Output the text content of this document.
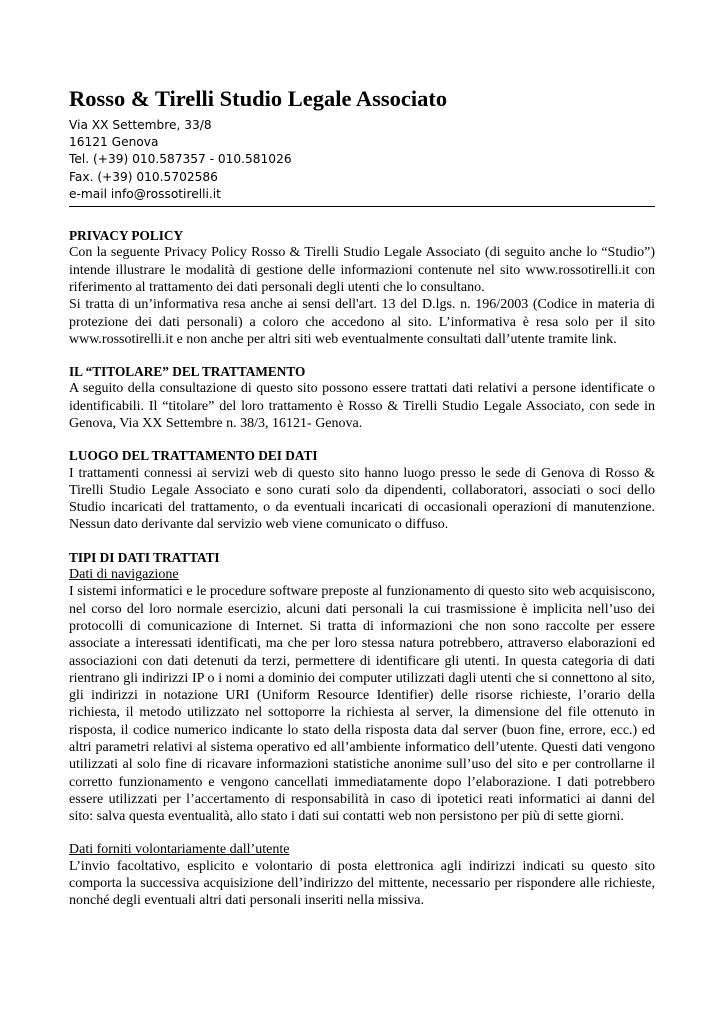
Rosso & Tirelli Studio Legale Associato
Via XX Settembre, 33/8
16121 Genova
Tel. (+39) 010.587357 - 010.581026
Fax. (+39) 010.5702586
e-mail info@rossotirelli.it
PRIVACY POLICY
Con la seguente Privacy Policy Rosso & Tirelli Studio Legale Associato (di seguito anche lo “Studio”) intende illustrare le modalità di gestione delle informazioni contenute nel sito www.rossotirelli.it con riferimento al trattamento dei dati personali degli utenti che lo consultano.
Si tratta di un’informativa resa anche ai sensi dell'art. 13 del D.lgs. n. 196/2003 (Codice in materia di protezione dei dati personali) a coloro che accedono al sito. L’informativa è resa solo per il sito www.rossotirelli.it e non anche per altri siti web eventualmente consultati dall’utente tramite link.
IL “TITOLARE” DEL TRATTAMENTO
A seguito della consultazione di questo sito possono essere trattati dati relativi a persone identificate o identificabili. Il “titolare” del loro trattamento è Rosso & Tirelli Studio Legale Associato, con sede in Genova, Via XX Settembre n. 38/3, 16121- Genova.
LUOGO DEL TRATTAMENTO DEI DATI
I trattamenti connessi ai servizi web di questo sito hanno luogo presso le sede di Genova di Rosso & Tirelli Studio Legale Associato e sono curati solo da dipendenti, collaboratori, associati o soci dello Studio incaricati del trattamento, o da eventuali incaricati di occasionali operazioni di manutenzione. Nessun dato derivante dal servizio web viene comunicato o diffuso.
TIPI DI DATI TRATTATI
Dati di navigazione
I sistemi informatici e le procedure software preposte al funzionamento di questo sito web acquisiscono, nel corso del loro normale esercizio, alcuni dati personali la cui trasmissione è implicita nell’uso dei protocolli di comunicazione di Internet. Si tratta di informazioni che non sono raccolte per essere associate a interessati identificati, ma che per loro stessa natura potrebbero, attraverso elaborazioni ed associazioni con dati detenuti da terzi, permettere di identificare gli utenti. In questa categoria di dati rientrano gli indirizzi IP o i nomi a dominio dei computer utilizzati dagli utenti che si connettono al sito, gli indirizzi in notazione URI (Uniform Resource Identifier) delle risorse richieste, l’orario della richiesta, il metodo utilizzato nel sottoporre la richiesta al server, la dimensione del file ottenuto in risposta, il codice numerico indicante lo stato della risposta data dal server (buon fine, errore, ecc.) ed altri parametri relativi al sistema operativo ed all’ambiente informatico dell’utente. Questi dati vengono utilizzati al solo fine di ricavare informazioni statistiche anonime sull’uso del sito e per controllarne il corretto funzionamento e vengono cancellati immediatamente dopo l’elaborazione. I dati potrebbero essere utilizzati per l’accertamento di responsabilità in caso di ipotetici reati informatici ai danni del sito: salva questa eventualità, allo stato i dati sui contatti web non persistono per più di sette giorni.
Dati forniti volontariamente dall’utente
L’invio facoltativo, esplicito e volontario di posta elettronica agli indirizzi indicati su questo sito comporta la successiva acquisizione dell’indirizzo del mittente, necessario per rispondere alle richieste, nonché degli eventuali altri dati personali inseriti nella missiva.
